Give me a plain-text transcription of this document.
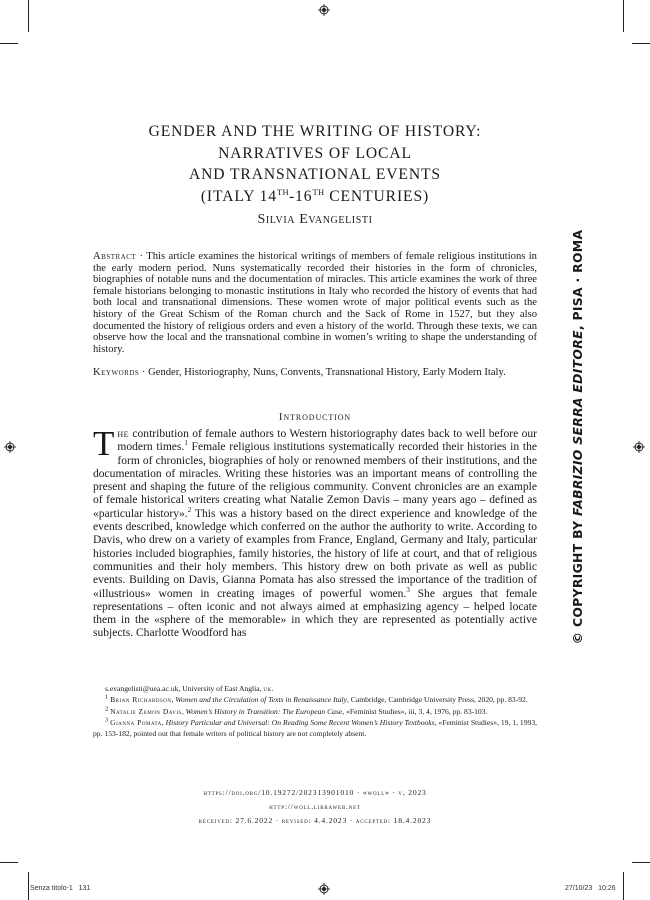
GENDER AND THE WRITING OF HISTORY:
NARRATIVES OF LOCAL
AND TRANSNATIONAL EVENTS
(ITALY 14TH-16TH CENTURIES)
Silvia Evangelisti
Abstract · This article examines the historical writings of members of female religious institutions in the early modern period. Nuns systematically recorded their histories in the form of chronicles, biographies of notable nuns and the documentation of miracles. This article examines the work of three female historians belonging to monastic institutions in Italy who recorded the history of events that had both local and transnational dimensions. These women wrote of major political events such as the history of the Great Schism of the Roman church and the Sack of Rome in 1527, but they also documented the history of religious orders and even a history of the world. Through these texts, we can observe how the local and the transnational combine in women’s writing to shape the understanding of history.
Keywords · Gender, Historiography, Nuns, Convents, Transnational History, Early Modern Italy.
Introduction
The contribution of female authors to Western historiography dates back to well before our modern times.$^1$ Female religious institutions systematically recorded their histories in the form of chronicles, biographies of holy or renowned members of their institutions, and the documentation of miracles. Writing these histories was an important means of controlling the present and shaping the future of the religious community. Convent chronicles are an example of female historical writers creating what Natalie Zemon Davis – many years ago – defined as «particular history».$^2$ This was a history based on the direct experience and knowledge of the events described, knowledge which conferred on the author the authority to write. According to Davis, who drew on a variety of examples from France, England, Germany and Italy, particular histories included biographies, family histories, the history of life at court, and that of religious communities and their holy members. This history drew on both private as well as public events. Building on Davis, Gianna Pomata has also stressed the importance of the tradition of «illustrious» women in creating images of powerful women.$^3$ She argues that female representations – often iconic and not always aimed at emphasizing agency – helped locate them in the «sphere of the memorable» in which they are represented as potentially active subjects. Charlotte Woodford has

s.evangelisti@uea.ac.uk, University of East Anglia, uk.

$^1$ Brian Richardson, Women and the Circulation of Texts in Renaissance Italy, Cambridge, Cambridge University Press, 2020, pp. 83-92.

$^2$ Natalie Zemon Davis, Women’s History in Transition: The European Case, «Feminist Studies», iii, 3, 4, 1976, pp. 83-103.

$^3$ Gianna Pomata, History Particular and Universal: On Reading Some Recent Women’s History Textbooks, «Feminist Studies», 19, 1, 1993, pp. 153-182, pointed out that female writers of political history are not completely absent.

https://doi.org/10.19272/202313901010 · «woll» · v, 2023
http://woll.libraweb.net
received: 27.6.2022 · revised: 4.4.2023 · accepted: 18.4.2023
© COPYRIGHT BY FABRIZIO SERRA EDITORE, PISA · ROMA
Senza titolo-1   131	27/10/23   10:26
